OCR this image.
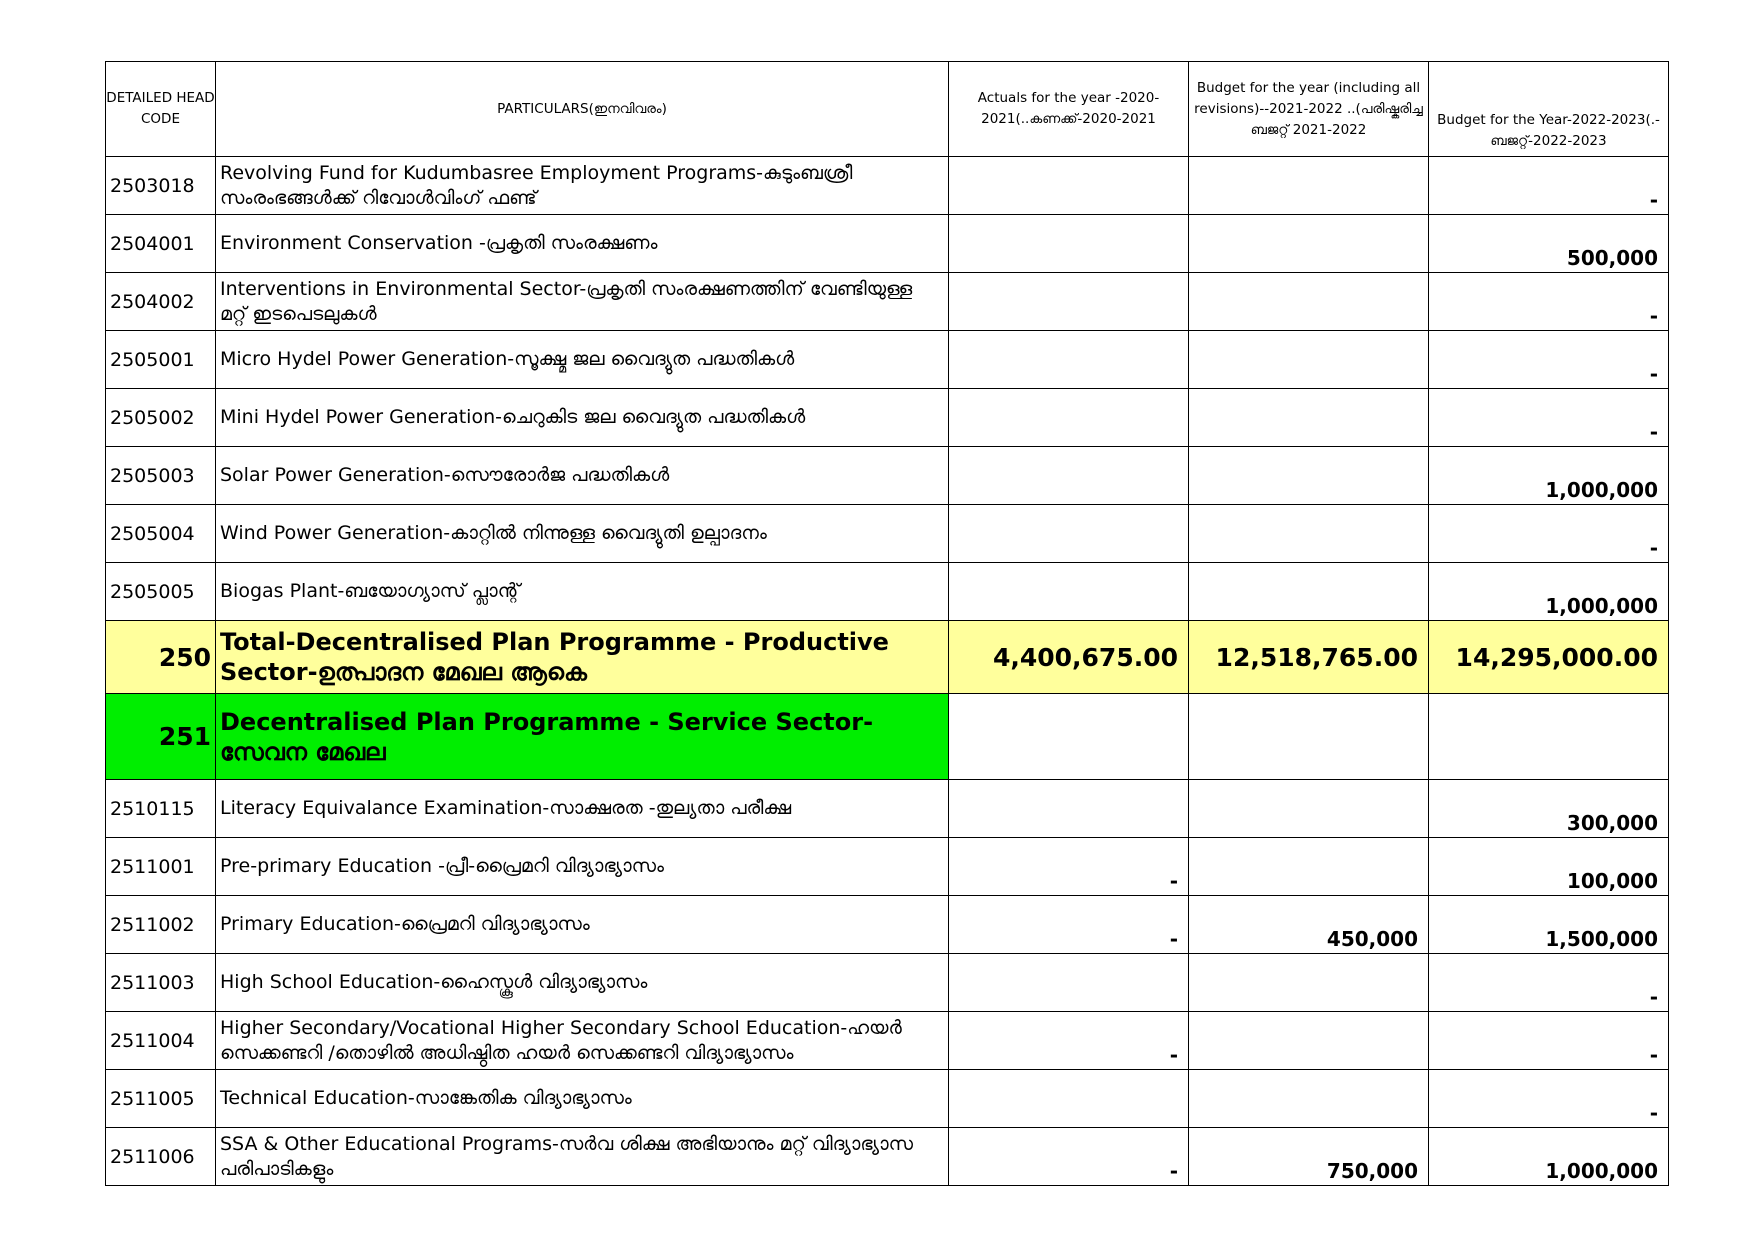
DETAILED HEAD CODE	PARTICULARS(ഇനവിവരം)	Actuals for the year -2020-2021(..കണക്ക്-2020-2021	Budget for the year (including all revisions)--2021-2022 ..(പരിഷ്കരിച്ച ബജറ്റ് 2021-2022	Budget for the Year-2022-2023(.- ബജറ്റ്-2022-2023
2503018	Revolving Fund for Kudumbasree Employment Programs-കുടുംബശ്രീ സംരംഭങ്ങൾക്ക് റിവോൾവിംഗ് ഫണ്ട്			-
2504001	Environment Conservation -പ്രകൃതി സംരക്ഷണം			500,000
2504002	Interventions in Environmental Sector-പ്രകൃതി സംരക്ഷണത്തിന് വേണ്ടിയുള്ള മറ്റ് ഇടപെടലുകൾ			-
2505001	Micro Hydel Power Generation-സൂക്ഷ്മ ജല വൈദ്യുത പദ്ധതികൾ			-
2505002	Mini Hydel Power Generation-ചെറുകിട ജല വൈദ്യുത പദ്ധതികൾ			-
2505003	Solar Power Generation-സൌരോർജ പദ്ധതികൾ			1,000,000
2505004	Wind Power Generation-കാറ്റിൽ നിന്നുള്ള വൈദ്യുതി ഉല്പാദനം			-
2505005	Biogas Plant-ബയോഗ്യാസ് പ്ലാന്റ്			1,000,000
250	Total-Decentralised Plan Programme - Productive Sector-ഉത്പാദന മേഖല ആകെ	4,400,675.00	12,518,765.00	14,295,000.00
251	Decentralised Plan Programme - Service Sector-സേവന മേഖല			
2510115	Literacy Equivalance Examination-സാക്ഷരത -തുല്യതാ പരീക്ഷ			300,000
2511001	Pre-primary Education -പ്രീ-പ്രൈമറി വിദ്യാഭ്യാസം	-		100,000
2511002	Primary Education-പ്രൈമറി വിദ്യാഭ്യാസം	-	450,000	1,500,000
2511003	High School Education-ഹൈസ്കൂൾ വിദ്യാഭ്യാസം			-
2511004	Higher Secondary/Vocational Higher Secondary School Education-ഹയർ സെക്കണ്ടറി /തൊഴിൽ അധിഷ്ഠിത ഹയർ സെക്കണ്ടറി വിദ്യാഭ്യാസം	-		-
2511005	Technical Education-സാങ്കേതിക വിദ്യാഭ്യാസം			-
2511006	SSA & Other Educational Programs-സർവ ശിക്ഷ അഭിയാനും മറ്റ് വിദ്യാഭ്യാസ പരിപാടികളും	-	750,000	1,000,000
